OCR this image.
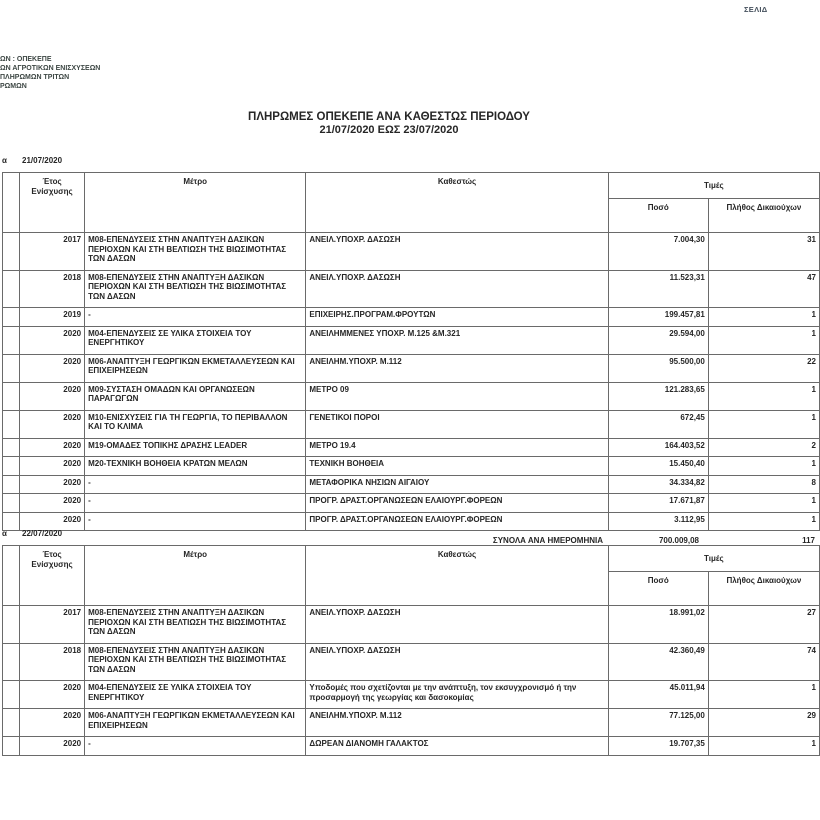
ΩΝ : ΟΠΕΚΕΠΕ
ΩΝ ΑΓΡΟΤΙΚΩΝ ΕΝΙΣΧΥΣΕΩΝ
ΠΛΗΡΩΜΩΝ ΤΡΙΤΩΝ
ΡΩΜΩΝ
ΣΕΛΙΔ
ΠΛΗΡΩΜΕΣ ΟΠΕΚΕΠΕ ΑΝΑ ΚΑΘΕΣΤΩΣ ΠΕΡΙΟΔΟΥ
21/07/2020 ΕΩΣ 23/07/2020
α 21/07/2020
	Έτος Ενίσχυσης	Μέτρο	Καθεστώς	Τιμές	
				Ποσό	Πλήθος Δικαιούχων
	2017	M08-ΕΠΕΝΔΥΣΕΙΣ ΣΤΗΝ ΑΝΑΠΤΥΞΗ ΔΑΣΙΚΩΝ ΠΕΡΙΟΧΩΝ ΚΑΙ ΣΤΗ ΒΕΛΤΙΩΣΗ ΤΗΣ ΒΙΩΣΙΜΟΤΗΤΑΣ ΤΩΝ ΔΑΣΩΝ	ΑΝΕΙΛ.ΥΠΟΧΡ. ΔΑΣΩΣΗ	7.004,30	31
	2018	M08-ΕΠΕΝΔΥΣΕΙΣ ΣΤΗΝ ΑΝΑΠΤΥΞΗ ΔΑΣΙΚΩΝ ΠΕΡΙΟΧΩΝ ΚΑΙ ΣΤΗ ΒΕΛΤΙΩΣΗ ΤΗΣ ΒΙΩΣΙΜΟΤΗΤΑΣ ΤΩΝ ΔΑΣΩΝ	ΑΝΕΙΛ.ΥΠΟΧΡ. ΔΑΣΩΣΗ	11.523,31	47
	2019	-	ΕΠΙΧΕΙΡΗΣ.ΠΡΟΓΡΑΜ.ΦΡΟΥΤΩΝ	199.457,81	1
	2020	M04-ΕΠΕΝΔΥΣΕΙΣ ΣΕ ΥΛΙΚΑ ΣΤΟΙΧΕΙΑ ΤΟΥ ΕΝΕΡΓΗΤΙΚΟΥ	ΑΝΕΙΛΗΜΜΕΝΕΣ ΥΠΟΧΡ. Μ.125 &Μ.321	29.594,00	1
	2020	M06-ΑΝΑΠΤΥΞΗ ΓΕΩΡΓΙΚΩΝ ΕΚΜΕΤΑΛΛΕΥΣΕΩΝ ΚΑΙ ΕΠΙΧΕΙΡΗΣΕΩΝ	ΑΝΕΙΛΗΜ.ΥΠΟΧΡ. Μ.112	95.500,00	22
	2020	M09-ΣΥΣΤΑΣΗ ΟΜΑΔΩΝ ΚΑΙ ΟΡΓΑΝΩΣΕΩΝ ΠΑΡΑΓΩΓΩΝ	ΜΕΤΡΟ 09	121.283,65	1
	2020	M10-ΕΝΙΣΧΥΣΕΙΣ ΓΙΑ ΤΗ ΓΕΩΡΓΙΑ, ΤΟ ΠΕΡΙΒΑΛΛΟΝ ΚΑΙ ΤΟ ΚΛΙΜΑ	ΓΕΝΕΤΙΚΟΙ ΠΟΡΟΙ	672,45	1
	2020	M19-ΟΜΑΔΕΣ ΤΟΠΙΚΗΣ ΔΡΑΣΗΣ LEADER	ΜΕΤΡΟ 19.4	164.403,52	2
	2020	M20-ΤΕΧΝΙΚΗ ΒΟΗΘΕΙΑ ΚΡΑΤΩΝ ΜΕΛΩΝ	ΤΕΧΝΙΚΗ ΒΟΗΘΕΙΑ	15.450,40	1
	2020	-	ΜΕΤΑΦΟΡΙΚΑ ΝΗΣΙΩΝ ΑΙΓΑΙΟΥ	34.334,82	8
	2020	-	ΠΡΟΓΡ. ΔΡΑΣΤ.ΟΡΓΑΝΩΣΕΩΝ ΕΛΑΙΟΥΡΓ.ΦΟΡΕΩΝ	17.671,87	1
	2020	-	ΠΡΟΓΡ. ΔΡΑΣΤ.ΟΡΓΑΝΩΣΕΩΝ ΕΛΑΙΟΥΡΓ.ΦΟΡΕΩΝ	3.112,95	1
ΣΥΝΟΛΑ ΑΝΑ ΗΜΕΡΟΜΗΝΙΑ	700.009,08	117
α 22/07/2020
	Έτος Ενίσχυσης	Μέτρο	Καθεστώς	Τιμές	
				Ποσό	Πλήθος Δικαιούχων
	2017	M08-ΕΠΕΝΔΥΣΕΙΣ ΣΤΗΝ ΑΝΑΠΤΥΞΗ ΔΑΣΙΚΩΝ ΠΕΡΙΟΧΩΝ ΚΑΙ ΣΤΗ ΒΕΛΤΙΩΣΗ ΤΗΣ ΒΙΩΣΙΜΟΤΗΤΑΣ ΤΩΝ ΔΑΣΩΝ	ΑΝΕΙΛ.ΥΠΟΧΡ. ΔΑΣΩΣΗ	18.991,02	27
	2018	M08-ΕΠΕΝΔΥΣΕΙΣ ΣΤΗΝ ΑΝΑΠΤΥΞΗ ΔΑΣΙΚΩΝ ΠΕΡΙΟΧΩΝ ΚΑΙ ΣΤΗ ΒΕΛΤΙΩΣΗ ΤΗΣ ΒΙΩΣΙΜΟΤΗΤΑΣ ΤΩΝ ΔΑΣΩΝ	ΑΝΕΙΛ.ΥΠΟΧΡ. ΔΑΣΩΣΗ	42.360,49	74
	2020	M04-ΕΠΕΝΔΥΣΕΙΣ ΣΕ ΥΛΙΚΑ ΣΤΟΙΧΕΙΑ ΤΟΥ ΕΝΕΡΓΗΤΙΚΟΥ	Υποδομές που σχετίζονται με την ανάπτυξη, τον εκσυγχρονισμό ή την προσαρμογή της γεωργίας και δασοκομίας	45.011,94	1
	2020	M06-ΑΝΑΠΤΥΞΗ ΓΕΩΡΓΙΚΩΝ ΕΚΜΕΤΑΛΛΕΥΣΕΩΝ ΚΑΙ ΕΠΙΧΕΙΡΗΣΕΩΝ	ΑΝΕΙΛΗΜ.ΥΠΟΧΡ. Μ.112	77.125,00	29
	2020	-	ΔΩΡΕΑΝ ΔΙΑΝΟΜΗ ΓΑΛΑΚΤΟΣ	19.707,35	1
